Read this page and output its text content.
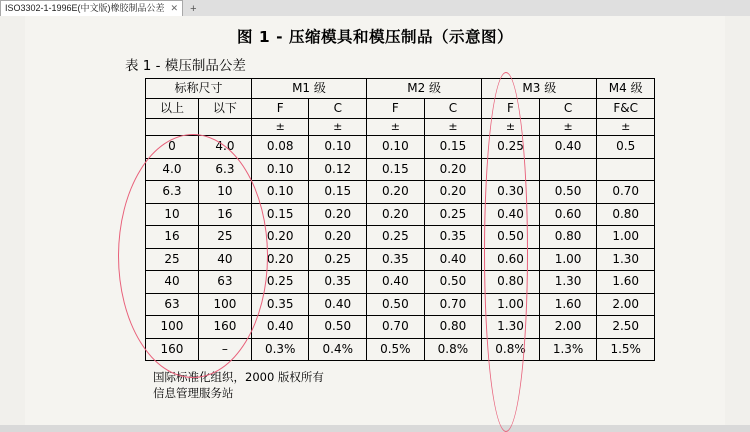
ISO3302-1-1996E(中文版)橡胶制品公差 ✕	+
图 1 - 压缩模具和模压制品（示意图）
表 1 - 模压制品公差
标称尺寸		M1 级		M2 级		M3 级		M4 级
以上	以下	F	C	F	C	F	C	F&C
		±	±	±	±	±	±	±
0	4.0	0.08	0.10	0.10	0.15	0.25	0.40	0.5
4.0	6.3	0.10	0.12	0.15	0.20			
6.3	10	0.10	0.15	0.20	0.20	0.30	0.50	0.70
10	16	0.15	0.20	0.20	0.25	0.40	0.60	0.80
16	25	0.20	0.20	0.25	0.35	0.50	0.80	1.00
25	40	0.20	0.25	0.35	0.40	0.60	1.00	1.30
40	63	0.25	0.35	0.40	0.50	0.80	1.30	1.60
63	100	0.35	0.40	0.50	0.70	1.00	1.60	2.00
100	160	0.40	0.50	0.70	0.80	1.30	2.00	2.50
160	–	0.3%	0.4%	0.5%	0.8%	0.8%	1.3%	1.5%
国际标准化组织，2000 版权所有
信息管理服务站
